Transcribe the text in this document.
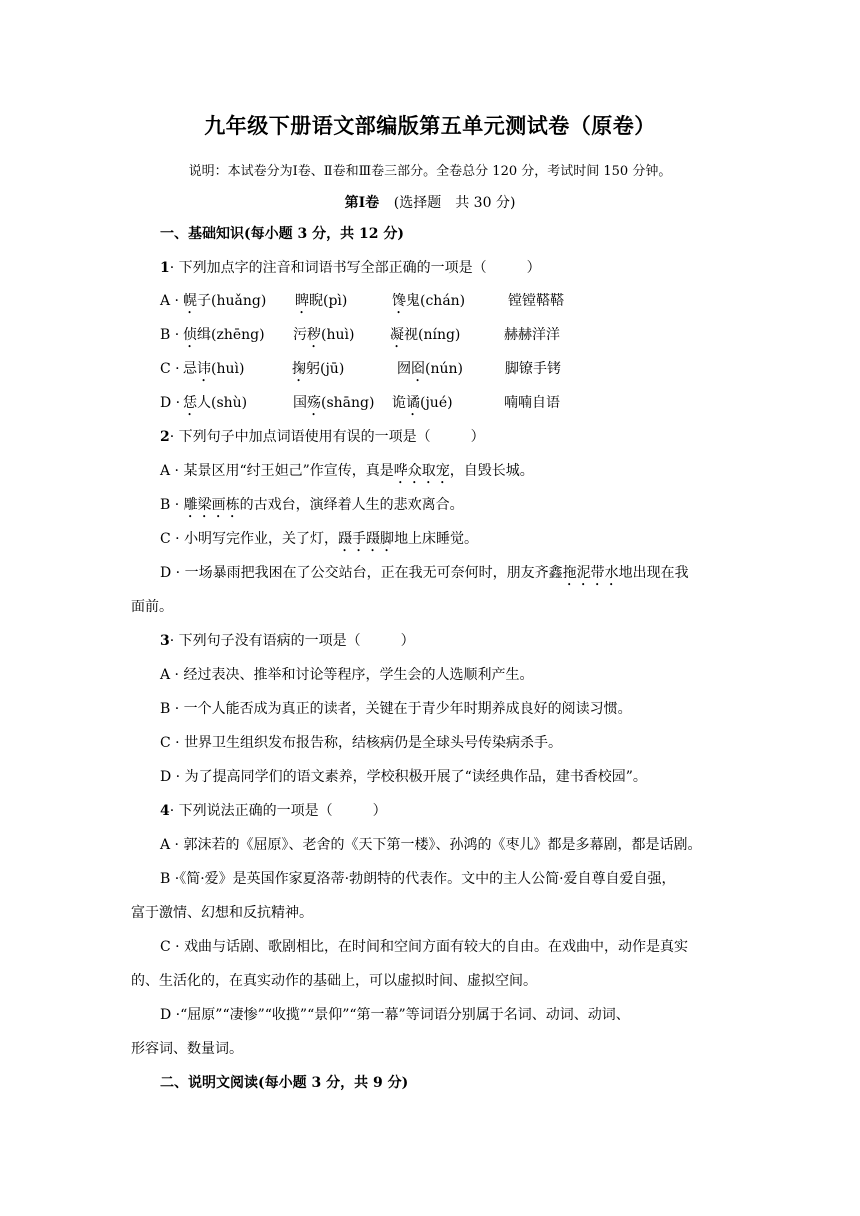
九年级下册语文部编版第五单元测试卷（原卷）

说明：本试卷分为Ⅰ卷、Ⅱ卷和Ⅲ卷三部分。全卷总分 120 分，考试时间 150 分钟。

第Ⅰ卷 (选择题　共 30 分)

一、基础知识(每小题 3 分，共 12 分)

1· 下列加点字的注音和词语书写全部正确的一项是（	）

A · 幌子(huǎng) 睥睨(pì)	馋鬼(chán)	镗镗鞳鞳
B · 侦缉(zhēng) 污秽(huì)	凝视(níng)	赫赫洋洋
C · 忌讳(huì)	掬躬(jū)	囫囵(nún)	脚镣手铐
D · 恁人(shù)	国殇(shāng) 诡谲(jué)	喃喃自语

2· 下列句子中加点词语使用有误的一项是（	）

A · 某景区用“纣王妲己”作宣传，真是哗众取宠，自毁长城。

B · 雕梁画栋的古戏台，演绎着人生的悲欢离合。

C · 小明写完作业，关了灯，蹑手蹑脚地上床睡觉。

D · 一场暴雨把我困在了公交站台，正在我无可奈何时，朋友齐鑫拖泥带水地出现在我

面前。

3· 下列句子没有语病的一项是（	）

A · 经过表决、推举和讨论等程序，学生会的人选顺利产生。

B · 一个人能否成为真正的读者，关键在于青少年时期养成良好的阅读习惯。

C · 世界卫生组织发布报告称，结核病仍是全球头号传染病杀手。

D · 为了提高同学们的语文素养，学校积极开展了“读经典作品，建书香校园”。

4· 下列说法正确的一项是（	）

A · 郭沫若的《屈原》、老舍的《天下第一楼》、孙鸿的《枣儿》都是多幕剧，都是话剧。

B ·《简·爱》是英国作家夏洛蒂·勃朗特的代表作。文中的主人公简·爱自尊自爱自强，

富于激情、幻想和反抗精神。

C · 戏曲与话剧、歌剧相比，在时间和空间方面有较大的自由。在戏曲中，动作是真实

的、生活化的，在真实动作的基础上，可以虚拟时间、虚拟空间。

D ·“屈原”“凄惨”“收揽”“景仰”“第一幕”等词语分别属于名词、动词、动词、

形容词、数量词。

二、说明文阅读(每小题 3 分，共 9 分)
